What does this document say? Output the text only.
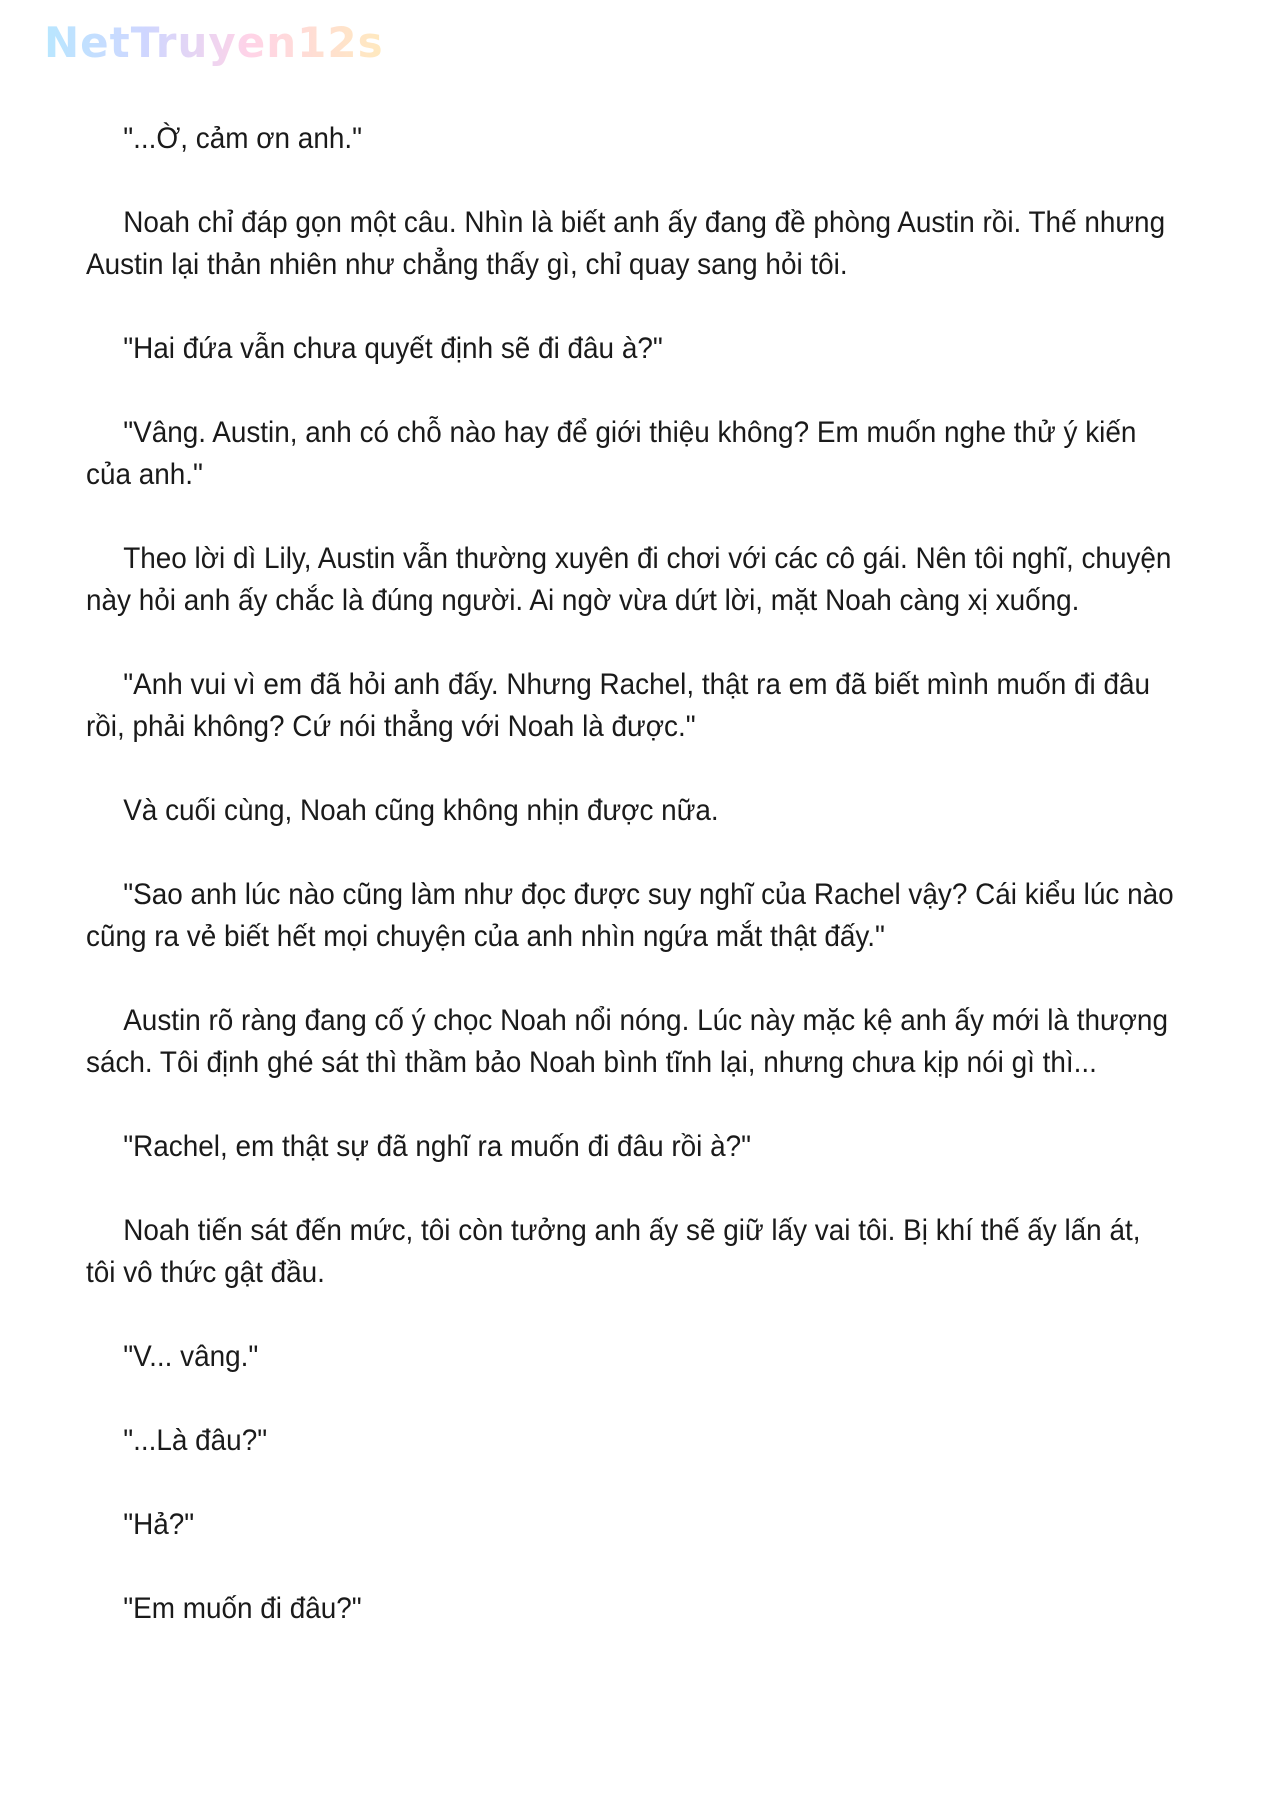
NetTruyen12s

"...Ờ, cảm ơn anh."

Noah chỉ đáp gọn một câu. Nhìn là biết anh ấy đang đề phòng Austin rồi. Thế nhưng Austin lại thản nhiên như chẳng thấy gì, chỉ quay sang hỏi tôi.

"Hai đứa vẫn chưa quyết định sẽ đi đâu à?"

"Vâng. Austin, anh có chỗ nào hay để giới thiệu không? Em muốn nghe thử ý kiến của anh."

Theo lời dì Lily, Austin vẫn thường xuyên đi chơi với các cô gái. Nên tôi nghĩ, chuyện này hỏi anh ấy chắc là đúng người. Ai ngờ vừa dứt lời, mặt Noah càng xị xuống.

"Anh vui vì em đã hỏi anh đấy. Nhưng Rachel, thật ra em đã biết mình muốn đi đâu rồi, phải không? Cứ nói thẳng với Noah là được."

Và cuối cùng, Noah cũng không nhịn được nữa.

"Sao anh lúc nào cũng làm như đọc được suy nghĩ của Rachel vậy? Cái kiểu lúc nào cũng ra vẻ biết hết mọi chuyện của anh nhìn ngứa mắt thật đấy."

Austin rõ ràng đang cố ý chọc Noah nổi nóng. Lúc này mặc kệ anh ấy mới là thượng sách. Tôi định ghé sát thì thầm bảo Noah bình tĩnh lại, nhưng chưa kịp nói gì thì...

"Rachel, em thật sự đã nghĩ ra muốn đi đâu rồi à?"

Noah tiến sát đến mức, tôi còn tưởng anh ấy sẽ giữ lấy vai tôi. Bị khí thế ấy lấn át, tôi vô thức gật đầu.

"V... vâng."

"...Là đâu?"

"Hả?"

"Em muốn đi đâu?"
